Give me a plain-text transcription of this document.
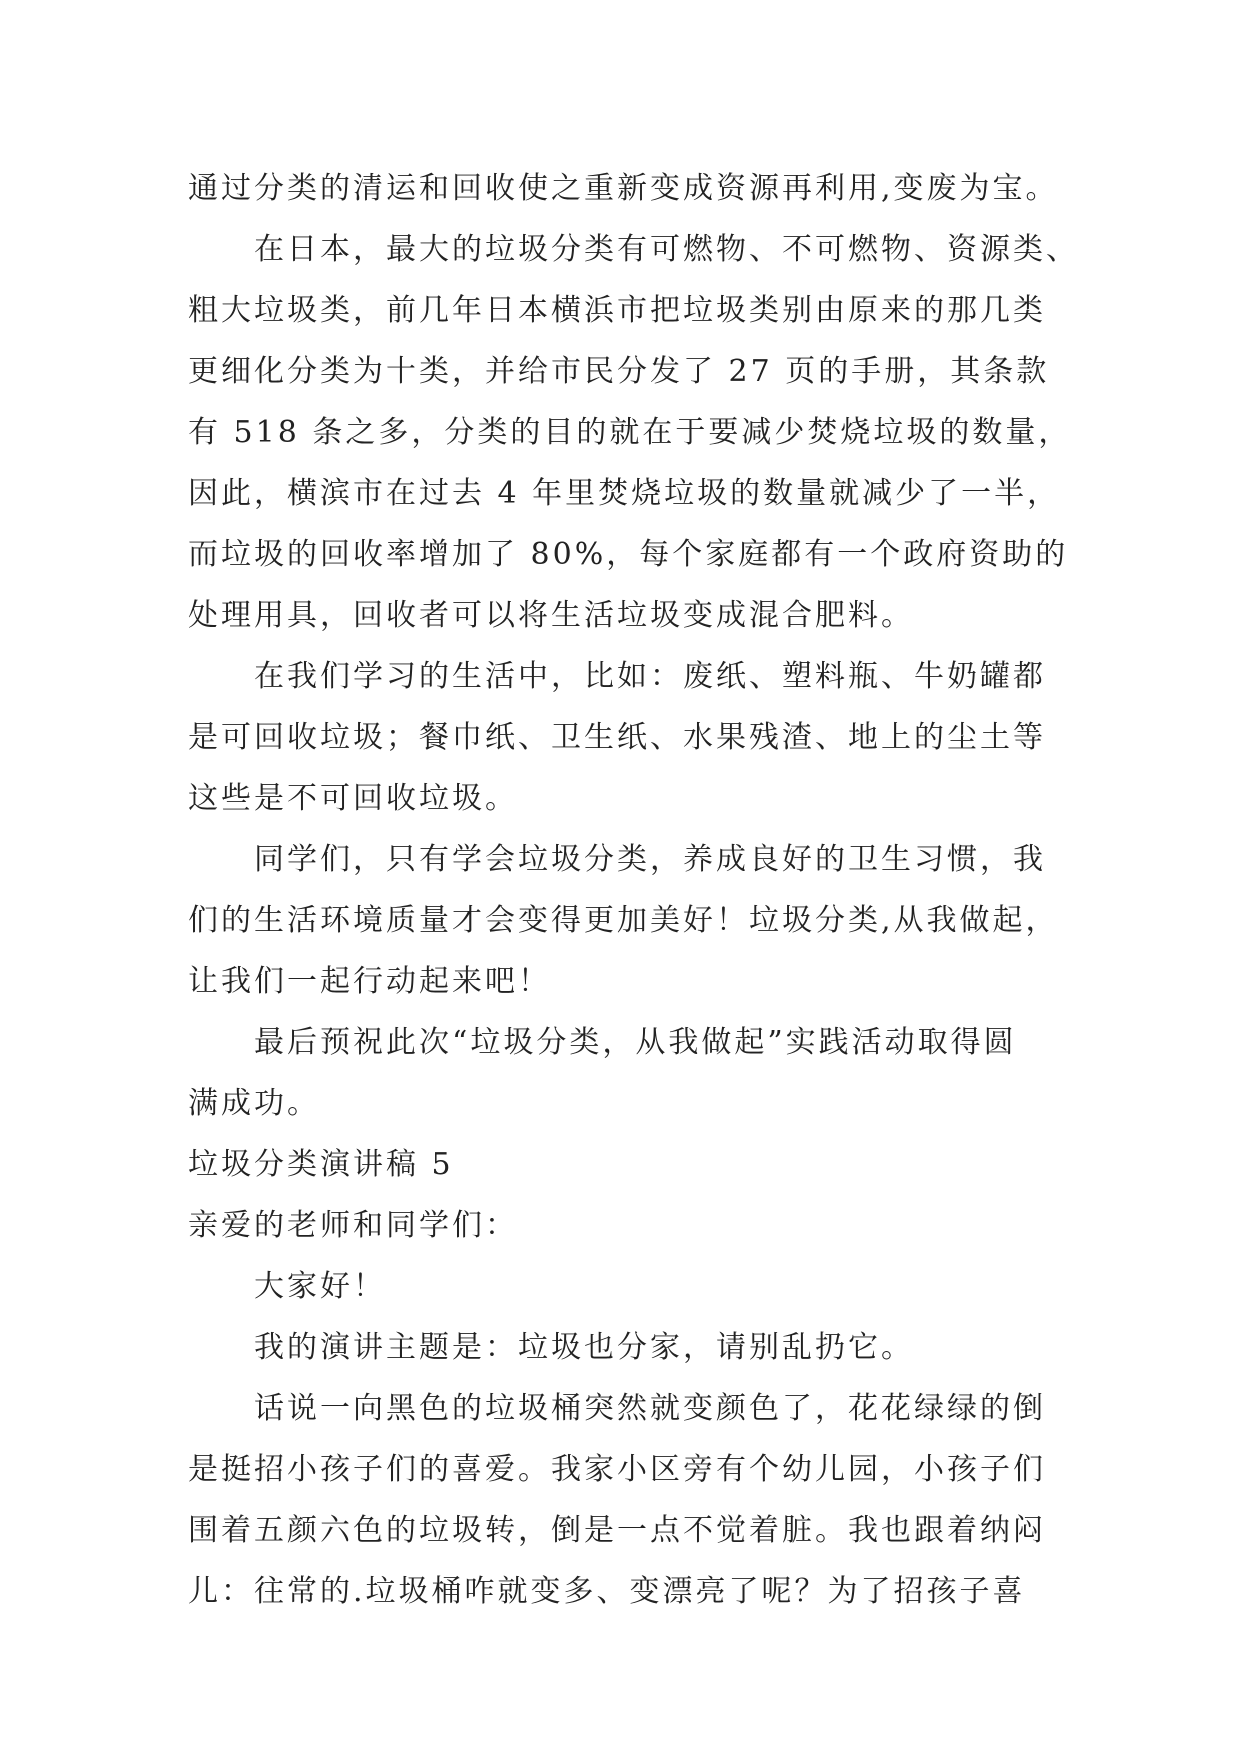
通过分类的清运和回收使之重新变成资源再利用,变废为宝。
在日本，最大的垃圾分类有可燃物、不可燃物、资源类、
粗大垃圾类，前几年日本横浜市把垃圾类别由原来的那几类
更细化分类为十类，并给市民分发了 27 页的手册，其条款
有 518 条之多，分类的目的就在于要减少焚烧垃圾的数量，
因此，横滨市在过去 4 年里焚烧垃圾的数量就减少了一半，
而垃圾的回收率增加了 80%，每个家庭都有一个政府资助的
处理用具，回收者可以将生活垃圾变成混合肥料。
在我们学习的生活中，比如：废纸、塑料瓶、牛奶罐都
是可回收垃圾；餐巾纸、卫生纸、水果残渣、地上的尘土等
这些是不可回收垃圾。
同学们，只有学会垃圾分类，养成良好的卫生习惯，我
们的生活环境质量才会变得更加美好！垃圾分类,从我做起，
让我们一起行动起来吧！
最后预祝此次“垃圾分类，从我做起”实践活动取得圆
满成功。
垃圾分类演讲稿 5
亲爱的老师和同学们：
大家好！
我的演讲主题是：垃圾也分家，请别乱扔它。
话说一向黑色的垃圾桶突然就变颜色了，花花绿绿的倒
是挺招小孩子们的喜爱。我家小区旁有个幼儿园，小孩子们
围着五颜六色的垃圾转，倒是一点不觉着脏。我也跟着纳闷
儿：往常的.垃圾桶咋就变多、变漂亮了呢？为了招孩子喜
